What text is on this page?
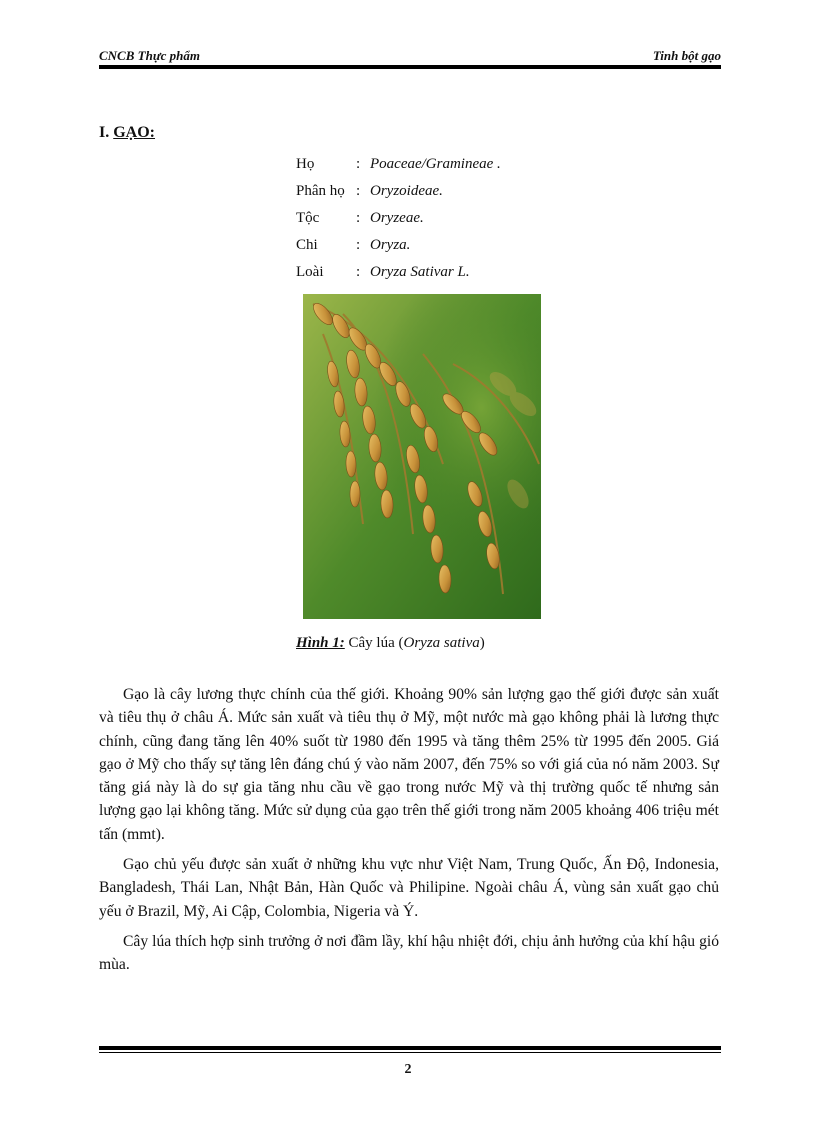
CNCB Thực phẩm	Tinh bột gạo
I. GẠO:
Họ	: Poaceae/Gramineae .
Phân họ : Oryzoideae.
Tộc : Oryzeae.
Chi	: Oryza.
Loài : Oryza Sativar L.
Hình 1: Cây lúa (Oryza sativa)

Gạo là cây lương thực chính của thế giới. Khoảng 90% sản lượng gạo thế giới được sản xuất và tiêu thụ ở châu Á. Mức sản xuất và tiêu thụ ở Mỹ, một nước mà gạo không phải là lương thực chính, cũng đang tăng lên 40% suốt từ 1980 đến 1995 và tăng thêm 25% từ 1995 đến 2005. Giá gạo ở Mỹ cho thấy sự tăng lên đáng chú ý vào năm 2007, đến 75% so với giá của nó năm 2003. Sự tăng giá này là do sự gia tăng nhu cầu về gạo trong nước Mỹ và thị trường quốc tế nhưng sản lượng gạo lại không tăng. Mức sử dụng của gạo trên thế giới trong năm 2005 khoảng 406 triệu mét tấn (mmt).

Gạo chủ yếu được sản xuất ở những khu vực như Việt Nam, Trung Quốc, Ấn Độ, Indonesia, Bangladesh, Thái Lan, Nhật Bản, Hàn Quốc và Philipine. Ngoài châu Á, vùng sản xuất gạo chủ yếu ở Brazil, Mỹ, Ai Cập, Colombia, Nigeria và Ý.

Cây lúa thích hợp sinh trưởng ở nơi đầm lầy, khí hậu nhiệt đới, chịu ảnh hưởng của khí hậu gió mùa.

2
